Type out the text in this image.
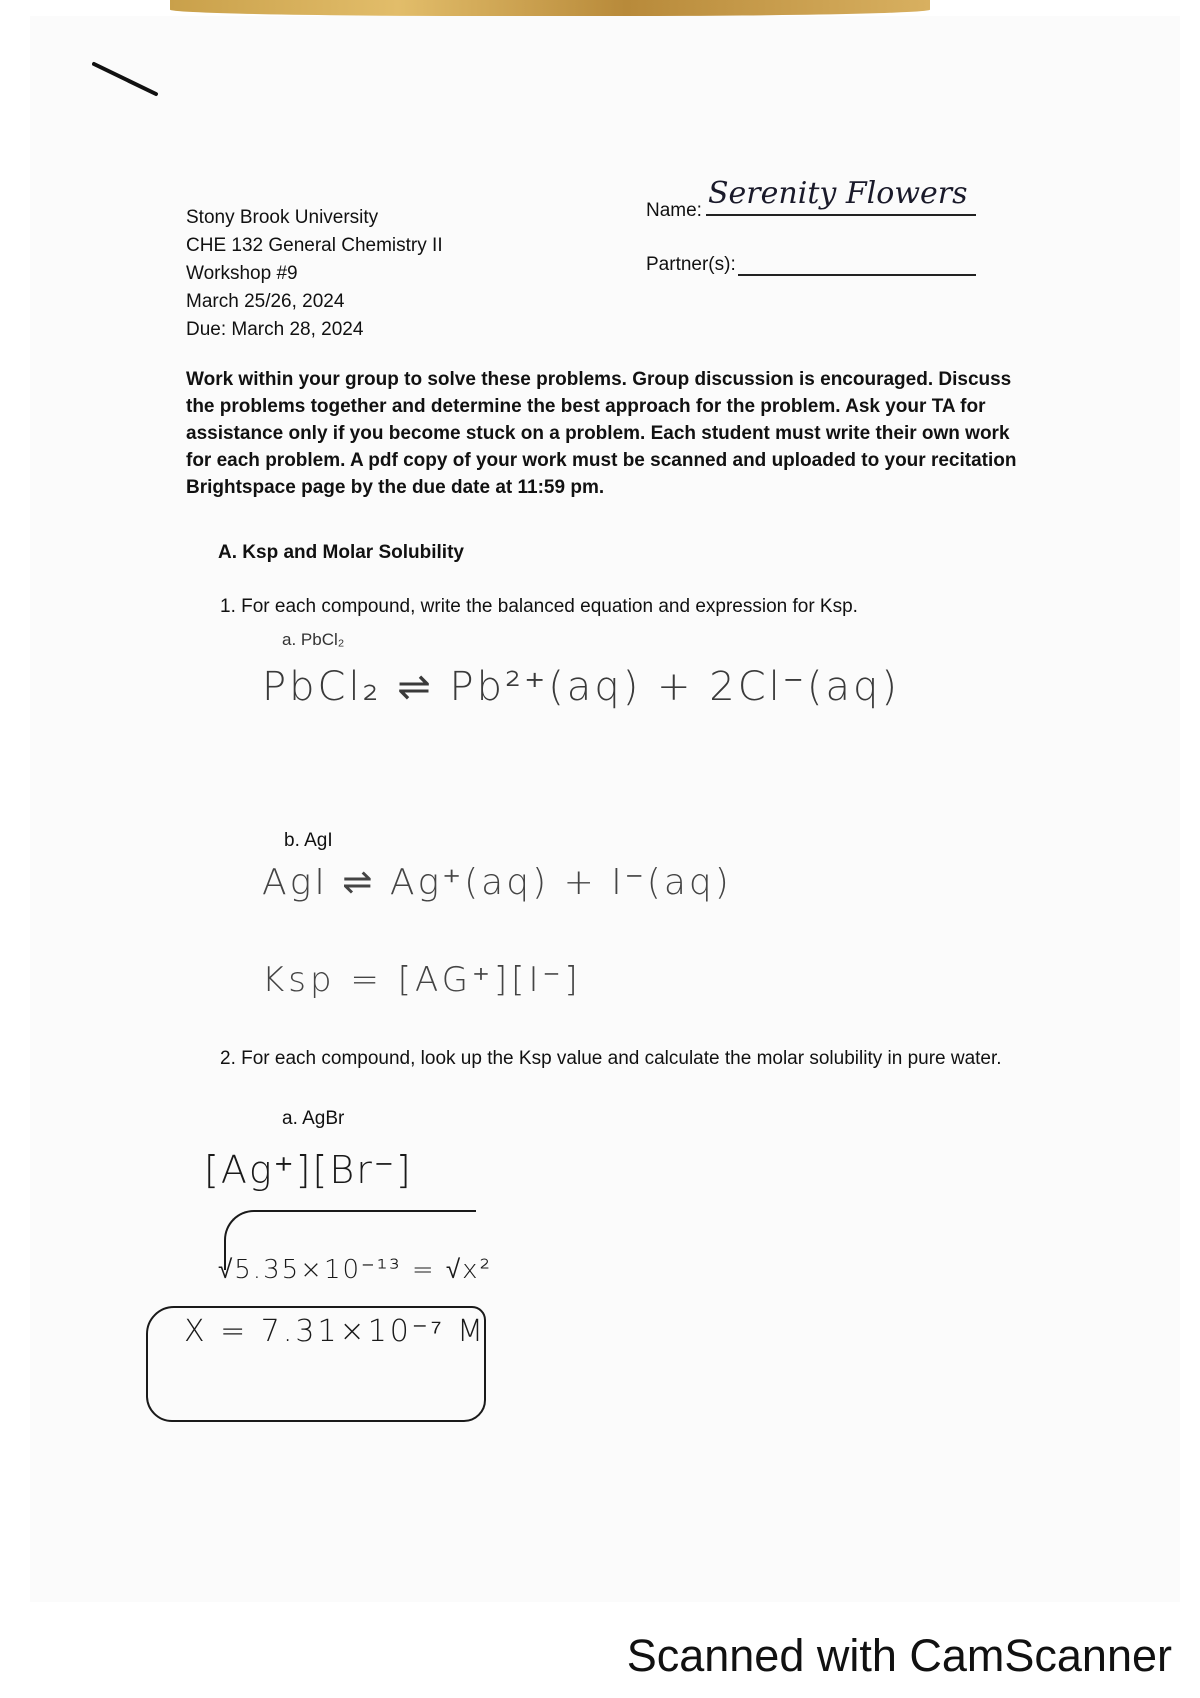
Stony Brook University
CHE 132 General Chemistry II
Workshop #9
March 25/26, 2024
Due: March 28, 2024
Name: Serenity Flowers
Partner(s):
Work within your group to solve these problems. Group discussion is encouraged. Discuss the problems together and determine the best approach for the problem. Ask your TA for assistance only if you become stuck on a problem. Each student must write their own work for each problem. A pdf copy of your work must be scanned and uploaded to your recitation Brightspace page by the due date at 11:59 pm.
A. Ksp and Molar Solubility
1. For each compound, write the balanced equation and expression for Ksp.
a. PbCl₂
PbCl₂ ⇌ Pb²⁺(aq) + 2Cl⁻(aq)
b. AgI
AgI ⇌ Ag⁺(aq) + I⁻(aq)
Ksp = [AG⁺][I⁻]
2. For each compound, look up the Ksp value and calculate the molar solubility in pure water.
a. AgBr
[Ag⁺][Br⁻]
√5.35×10⁻¹³ = √x²
X = 7.31×10⁻⁷ M
Scanned with CamScanner
